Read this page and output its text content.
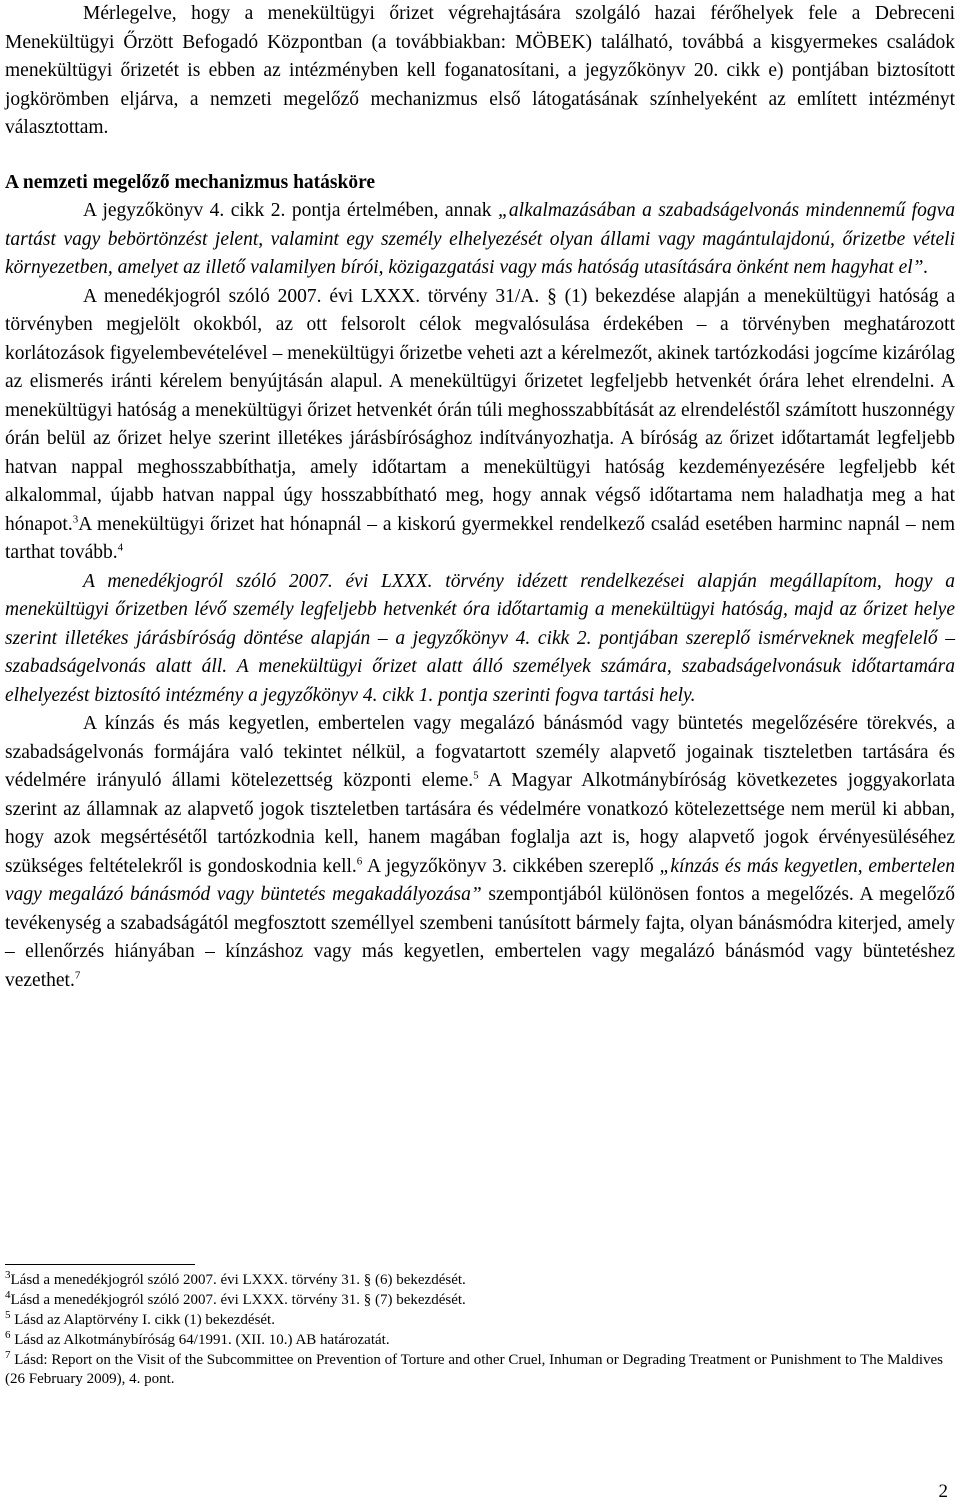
Mérlegelve, hogy a menekültügyi őrizet végrehajtására szolgáló hazai férőhelyek fele a Debreceni Menekültügyi Őrzött Befogadó Központban (a továbbiakban: MÖBEK) található, továbbá a kisgyermekes családok menekültügyi őrizetét is ebben az intézményben kell foganatosítani, a jegyzőkönyv 20. cikk e) pontjában biztosított jogkörömben eljárva, a nemzeti megelőző mechanizmus első látogatásának színhelyeként az említett intézményt választottam.

A nemzeti megelőző mechanizmus hatásköre

A jegyzőkönyv 4. cikk 2. pontja értelmében, annak „alkalmazásában a szabadságelvonás mindennemű fogva tartást vagy bebörtönzést jelent, valamint egy személy elhelyezését olyan állami vagy magántulajdonú, őrizetbe vételi környezetben, amelyet az illető valamilyen bírói, közigazgatási vagy más hatóság utasítására önként nem hagyhat el”.

A menedékjogról szóló 2007. évi LXXX. törvény 31/A. § (1) bekezdése alapján a menekültügyi hatóság a törvényben megjelölt okokból, az ott felsorolt célok megvalósulása érdekében – a törvényben meghatározott korlátozások figyelembevételével – menekültügyi őrizetbe veheti azt a kérelmezőt, akinek tartózkodási jogcíme kizárólag az elismerés iránti kérelem benyújtásán alapul. A menekültügyi őrizetet legfeljebb hetvenkét órára lehet elrendelni. A menekültügyi hatóság a menekültügyi őrizet hetvenkét órán túli meghosszabbítását az elrendeléstől számított huszonnégy órán belül az őrizet helye szerint illetékes járásbírósághoz indítványozhatja. A bíróság az őrizet időtartamát legfeljebb hatvan nappal meghosszabbíthatja, amely időtartam a menekültügyi hatóság kezdeményezésére legfeljebb két alkalommal, újabb hatvan nappal úgy hosszabbítható meg, hogy annak végső időtartama nem haladhatja meg a hat hónapot.$^3$A menekültügyi őrizet hat hónapnál – a kiskorú gyermekkel rendelkező család esetében harminc napnál – nem tarthat tovább.$^4$

A menedékjogról szóló 2007. évi LXXX. törvény idézett rendelkezései alapján megállapítom, hogy a menekültügyi őrizetben lévő személy legfeljebb hetvenkét óra időtartamig a menekültügyi hatóság, majd az őrizet helye szerint illetékes járásbíróság döntése alapján – a jegyzőkönyv 4. cikk 2. pontjában szereplő ismérveknek megfelelő – szabadságelvonás alatt áll. A menekültügyi őrizet alatt álló személyek számára, szabadságelvonásuk időtartamára elhelyezést biztosító intézmény a jegyzőkönyv 4. cikk 1. pontja szerinti fogva tartási hely.

A kínzás és más kegyetlen, embertelen vagy megalázó bánásmód vagy büntetés megelőzésére törekvés, a szabadságelvonás formájára való tekintet nélkül, a fogvatartott személy alapvető jogainak tiszteletben tartására és védelmére irányuló állami kötelezettség központi eleme.$^5$ A Magyar Alkotmánybíróság következetes joggyakorlata szerint az államnak az alapvető jogok tiszteletben tartására és védelmére vonatkozó kötelezettsége nem merül ki abban, hogy azok megsértésétől tartózkodnia kell, hanem magában foglalja azt is, hogy alapvető jogok érvényesüléséhez szükséges feltételekről is gondoskodnia kell.$^6$ A jegyzőkönyv 3. cikkében szereplő „kínzás és más kegyetlen, embertelen vagy megalázó bánásmód vagy büntetés megakadályozása” szempontjából különösen fontos a megelőzés. A megelőző tevékenység a szabadságától megfosztott személlyel szembeni tanúsított bármely fajta, olyan bánásmódra kiterjed, amely – ellenőrzés hiányában – kínzáshoz vagy más kegyetlen, embertelen vagy megalázó bánásmód vagy büntetéshez vezethet.$^7$

$^3$Lásd a menedékjogról szóló 2007. évi LXXX. törvény 31. § (6) bekezdését.

$^4$Lásd a menedékjogról szóló 2007. évi LXXX. törvény 31. § (7) bekezdését.

$^5$ Lásd az Alaptörvény I. cikk (1) bekezdését.

$^6$ Lásd az Alkotmánybíróság 64/1991. (XII. 10.) AB határozatát.

$^7$ Lásd: Report on the Visit of the Subcommittee on Prevention of Torture and other Cruel, Inhuman or Degrading Treatment or Punishment to The Maldives (26 February 2009), 4. pont.

2
